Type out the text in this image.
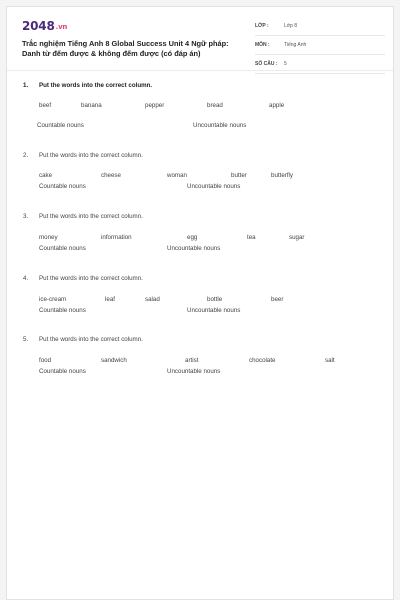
2048.vn
Trắc nghiệm Tiếng Anh 8 Global Success Unit 4 Ngữ pháp:
Danh từ đếm được & không đếm được (có đáp án)
LỚP :	Lớp 8
MÔN :	Tiếng Anh
SỐ CÂU : 5
1. Put the words into the correct column.
beef	banana	pepper	bread	apple
Countable nouns	Uncountable nouns
2. Put the words into the correct column.
cake	cheese	woman	butter	butterfly
Countable nouns	Uncountable nouns
3. Put the words into the correct column.
money	information	egg	tea	sugar
Countable nouns	Uncountable nouns
4. Put the words into the correct column.
ice-cream	leaf	salad	bottle	beer
Countable nouns	Uncountable nouns
5. Put the words into the correct column.
food	sandwich	artist	chocolate	salt
Countable nouns	Uncountable nouns
